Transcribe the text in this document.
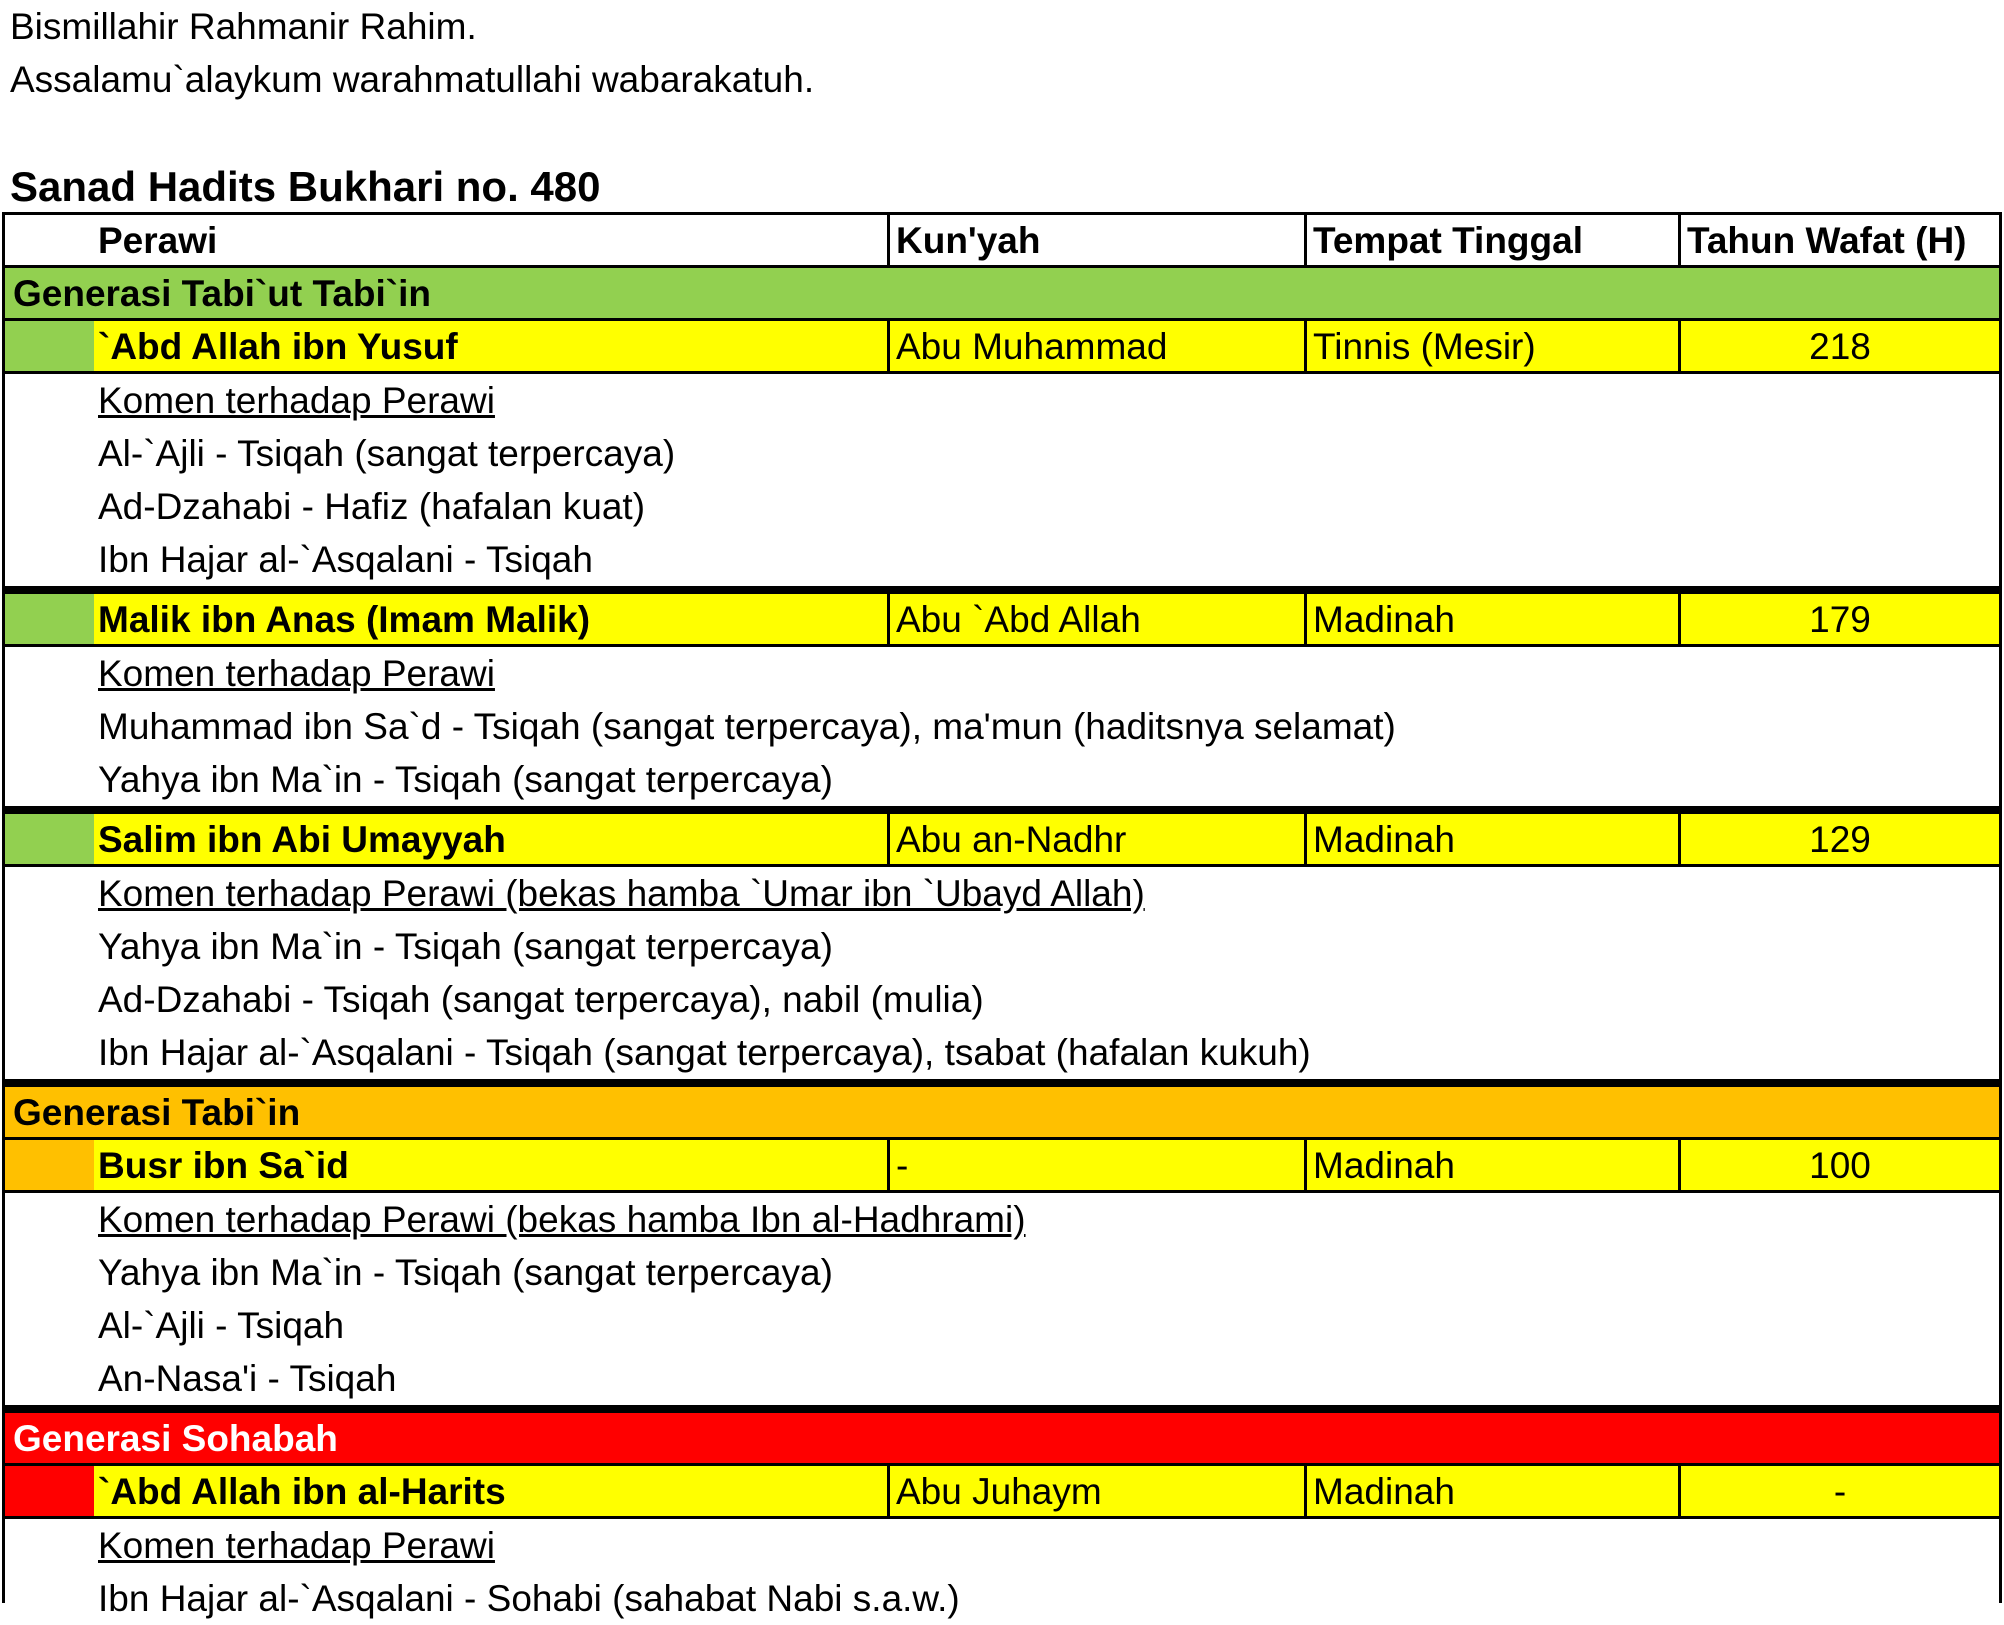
Bismillahir Rahmanir Rahim.
Assalamu`alaykum warahmatullahi wabarakatuh.
Sanad Hadits Bukhari no. 480
Perawi	Kun'yah	Tempat Tinggal	Tahun Wafat (H)
Generasi Tabi`ut Tabi`in
`Abd Allah ibn Yusuf	Abu Muhammad	Tinnis (Mesir)	218
Komen terhadap Perawi
Al-`Ajli - Tsiqah (sangat terpercaya)
Ad-Dzahabi - Hafiz (hafalan kuat)
Ibn Hajar al-`Asqalani - Tsiqah
Malik ibn Anas (Imam Malik)	Abu `Abd Allah	Madinah	179
Komen terhadap Perawi
Muhammad ibn Sa`d - Tsiqah (sangat terpercaya), ma'mun (haditsnya selamat)
Yahya ibn Ma`in - Tsiqah (sangat terpercaya)
Salim ibn Abi Umayyah	Abu an-Nadhr	Madinah	129
Komen terhadap Perawi (bekas hamba `Umar ibn `Ubayd Allah)
Yahya ibn Ma`in - Tsiqah (sangat terpercaya)
Ad-Dzahabi - Tsiqah (sangat terpercaya), nabil (mulia)
Ibn Hajar al-`Asqalani - Tsiqah (sangat terpercaya), tsabat (hafalan kukuh)
Generasi Tabi`in
Busr ibn Sa`id	-	Madinah	100
Komen terhadap Perawi (bekas hamba Ibn al-Hadhrami)
Yahya ibn Ma`in - Tsiqah (sangat terpercaya)
Al-`Ajli - Tsiqah
An-Nasa'i - Tsiqah
Generasi Sohabah
`Abd Allah ibn al-Harits	Abu Juhaym	Madinah	-
Komen terhadap Perawi
Ibn Hajar al-`Asqalani - Sohabi (sahabat Nabi s.a.w.)
